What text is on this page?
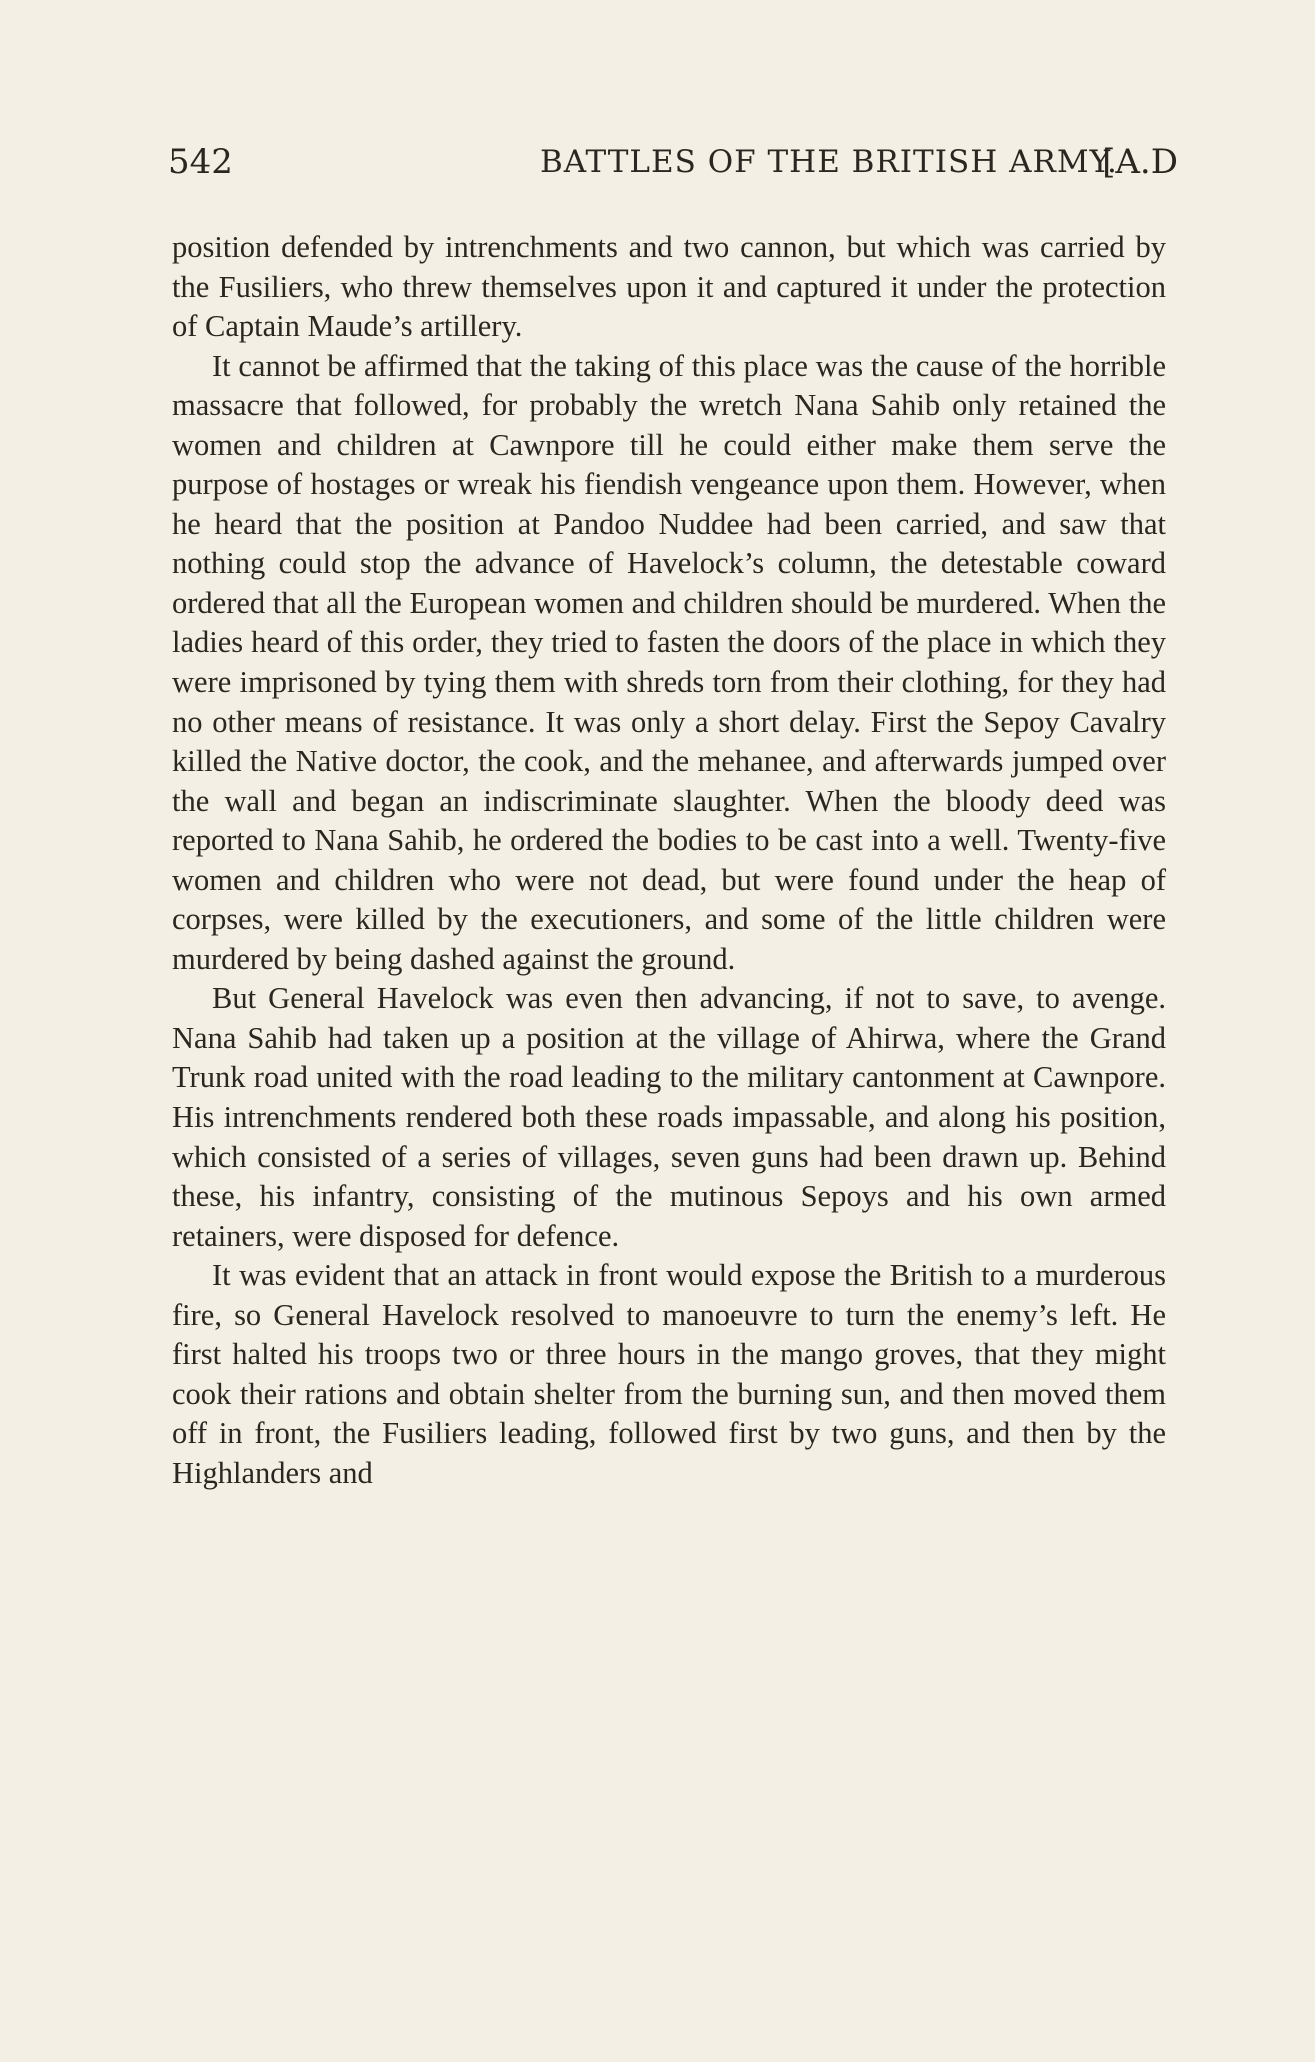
542	BATTLES OF THE BRITISH ARMY.
[A.D

position defended by intrenchments and two cannon, but which was carried by the Fusiliers, who threw themselves upon it and captured it under the protection of Captain Maude’s artillery.

It cannot be affirmed that the taking of this place was the cause of the horrible massacre that followed, for probably the wretch Nana Sahib only retained the women and children at Cawnpore till he could either make them serve the purpose of hostages or wreak his fiendish vengeance upon them. However, when he heard that the position at Pandoo Nuddee had been carried, and saw that nothing could stop the advance of Havelock’s column, the detestable coward ordered that all the European women and children should be murdered. When the ladies heard of this order, they tried to fasten the doors of the place in which they were imprisoned by tying them with shreds torn from their clothing, for they had no other means of resistance. It was only a short delay. First the Sepoy Cavalry killed the Native doctor, the cook, and the mehanee, and afterwards jumped over the wall and began an indiscriminate slaughter. When the bloody deed was reported to Nana Sahib, he ordered the bodies to be cast into a well. Twenty-five women and children who were not dead, but were found under the heap of corpses, were killed by the executioners, and some of the little children were murdered by being dashed against the ground.

But General Havelock was even then advancing, if not to save, to avenge. Nana Sahib had taken up a position at the village of Ahirwa, where the Grand Trunk road united with the road leading to the military cantonment at Cawnpore. His intrenchments rendered both these roads impassable, and along his position, which consisted of a series of villages, seven guns had been drawn up. Behind these, his infantry, consisting of the mutinous Sepoys and his own armed retainers, were disposed for defence.

It was evident that an attack in front would expose the British to a murderous fire, so General Havelock resolved to manoeuvre to turn the enemy’s left. He first halted his troops two or three hours in the mango groves, that they might cook their rations and obtain shelter from the burning sun, and then moved them off in front, the Fusiliers leading, followed first by two guns, and then by the Highlanders and
